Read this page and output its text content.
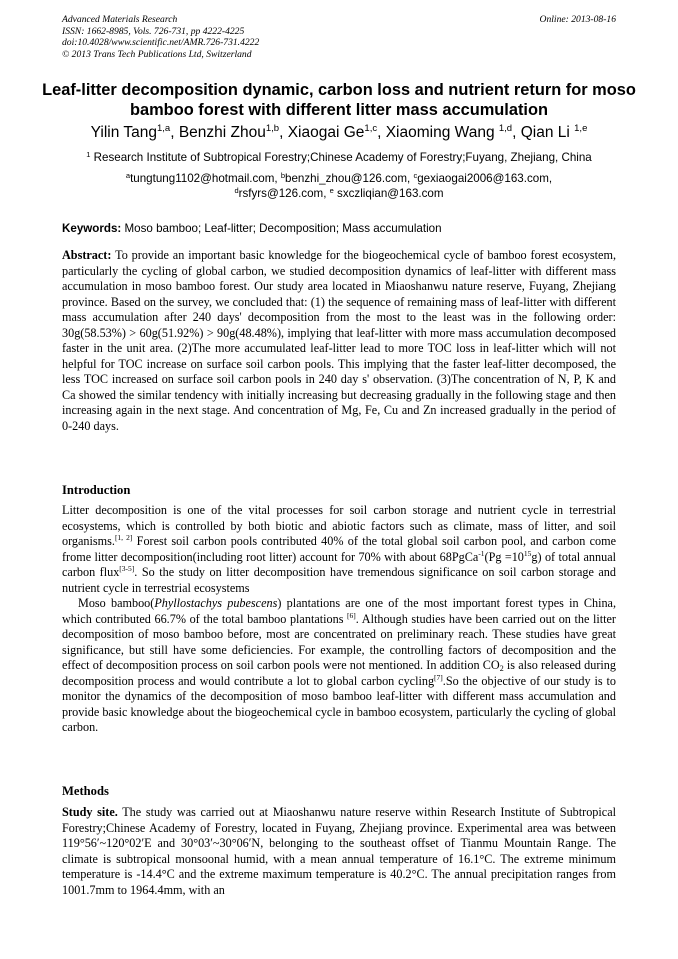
Advanced Materials Research
ISSN: 1662-8985, Vols. 726-731, pp 4222-4225
doi:10.4028/www.scientific.net/AMR.726-731.4222
© 2013 Trans Tech Publications Ltd, Switzerland
Online: 2013-08-16
Leaf-litter decomposition dynamic, carbon loss and nutrient return for moso bamboo forest with different litter mass accumulation
Yilin Tang$^{1,a}$, Benzhi Zhou$^{1,b}$, Xiaogai Ge$^{1,c}$, Xiaoming Wang $^{1,d}$, Qian Li $^{1,e}$
$^1$ Research Institute of Subtropical Forestry;Chinese Academy of Forestry;Fuyang, Zhejiang, China
$^a$tungtung1102@hotmail.com, $^b$benzhi_zhou@126.com, $^c$gexiaogai2006@163.com,
$^d$rsfyrs@126.com, $^e$ sxczliqian@163.com
Keywords: Moso bamboo; Leaf-litter; Decomposition; Mass accumulation

Abstract: To provide an important basic knowledge for the biogeochemical cycle of bamboo forest ecosystem, particularly the cycling of global carbon, we studied decomposition dynamics of leaf-litter with different mass accumulation in moso bamboo forest. Our study area located in Miaoshanwu nature reserve, Fuyang, Zhejiang province. Based on the survey, we concluded that: (1) the sequence of remaining mass of leaf-litter with different mass accumulation after 240 days' decomposition from the most to the least was in the following order: 30g(58.53%) > 60g(51.92%) > 90g(48.48%), implying that leaf-litter with more mass accumulation decomposed faster in the unit area. (2)The more accumulated leaf-litter lead to more TOC loss in leaf-litter which will not helpful for TOC increase on surface soil carbon pools. This implying that the faster leaf-litter decomposed, the less TOC increased on surface soil carbon pools in 240 day s' observation. (3)The concentration of N, P, K and Ca showed the similar tendency with initially increasing but decreasing gradually in the following stage and then increasing again in the next stage. And concentration of Mg, Fe, Cu and Zn increased gradually in the period of 0-240 days.

Introduction

Litter decomposition is one of the vital processes for soil carbon storage and nutrient cycle in terrestrial ecosystems, which is controlled by both biotic and abiotic factors such as climate, mass of litter, and soil organisms.[1, 2] Forest soil carbon pools contributed 40% of the total global soil carbon pool, and carbon come frome litter decomposition(including root litter) account for 70% with about 68PgCa$^{-1}$(Pg $=10^{15}g$) of total annual carbon flux[3-5]. So the study on litter decomposition have tremendous significance on soil carbon storage and nutrient cycle in terrestrial ecosystems

Moso bamboo(Phyllostachys pubescens) plantations are one of the most important forest types in China, which contributed 66.7% of the total bamboo plantations [6]. Although studies have been carried out on the litter decomposition of moso bamboo before, most are concentrated on preliminary reach. These studies have great significance, but still have some deficiencies. For example, the controlling factors of decomposition and the effect of decomposition process on soil carbon pools were not mentioned. In addition $CO_2$ is also released during decomposition process and would contribute a lot to global carbon cycling[7].So the objective of our study is to monitor the dynamics of the decomposition of moso bamboo leaf-litter with different mass accumulation and provide basic knowledge about the biogeochemical cycle in bamboo ecosystem, particularly the cycling of global carbon.

Methods

Study site. The study was carried out at Miaoshanwu nature reserve within Research Institute of Subtropical Forestry;Chinese Academy of Forestry, located in Fuyang, Zhejiang province. Experimental area was between 119°56′~120°02′E and 30°03′~30°06′N, belonging to the southeast offset of Tianmu Mountain Range. The climate is subtropical monsoonal humid, with a mean annual temperature of 16.1°C. The extreme minimum temperature is -14.4°C and the extreme maximum temperature is 40.2°C. The annual precipitation ranges from 1001.7mm to 1964.4mm, with an
